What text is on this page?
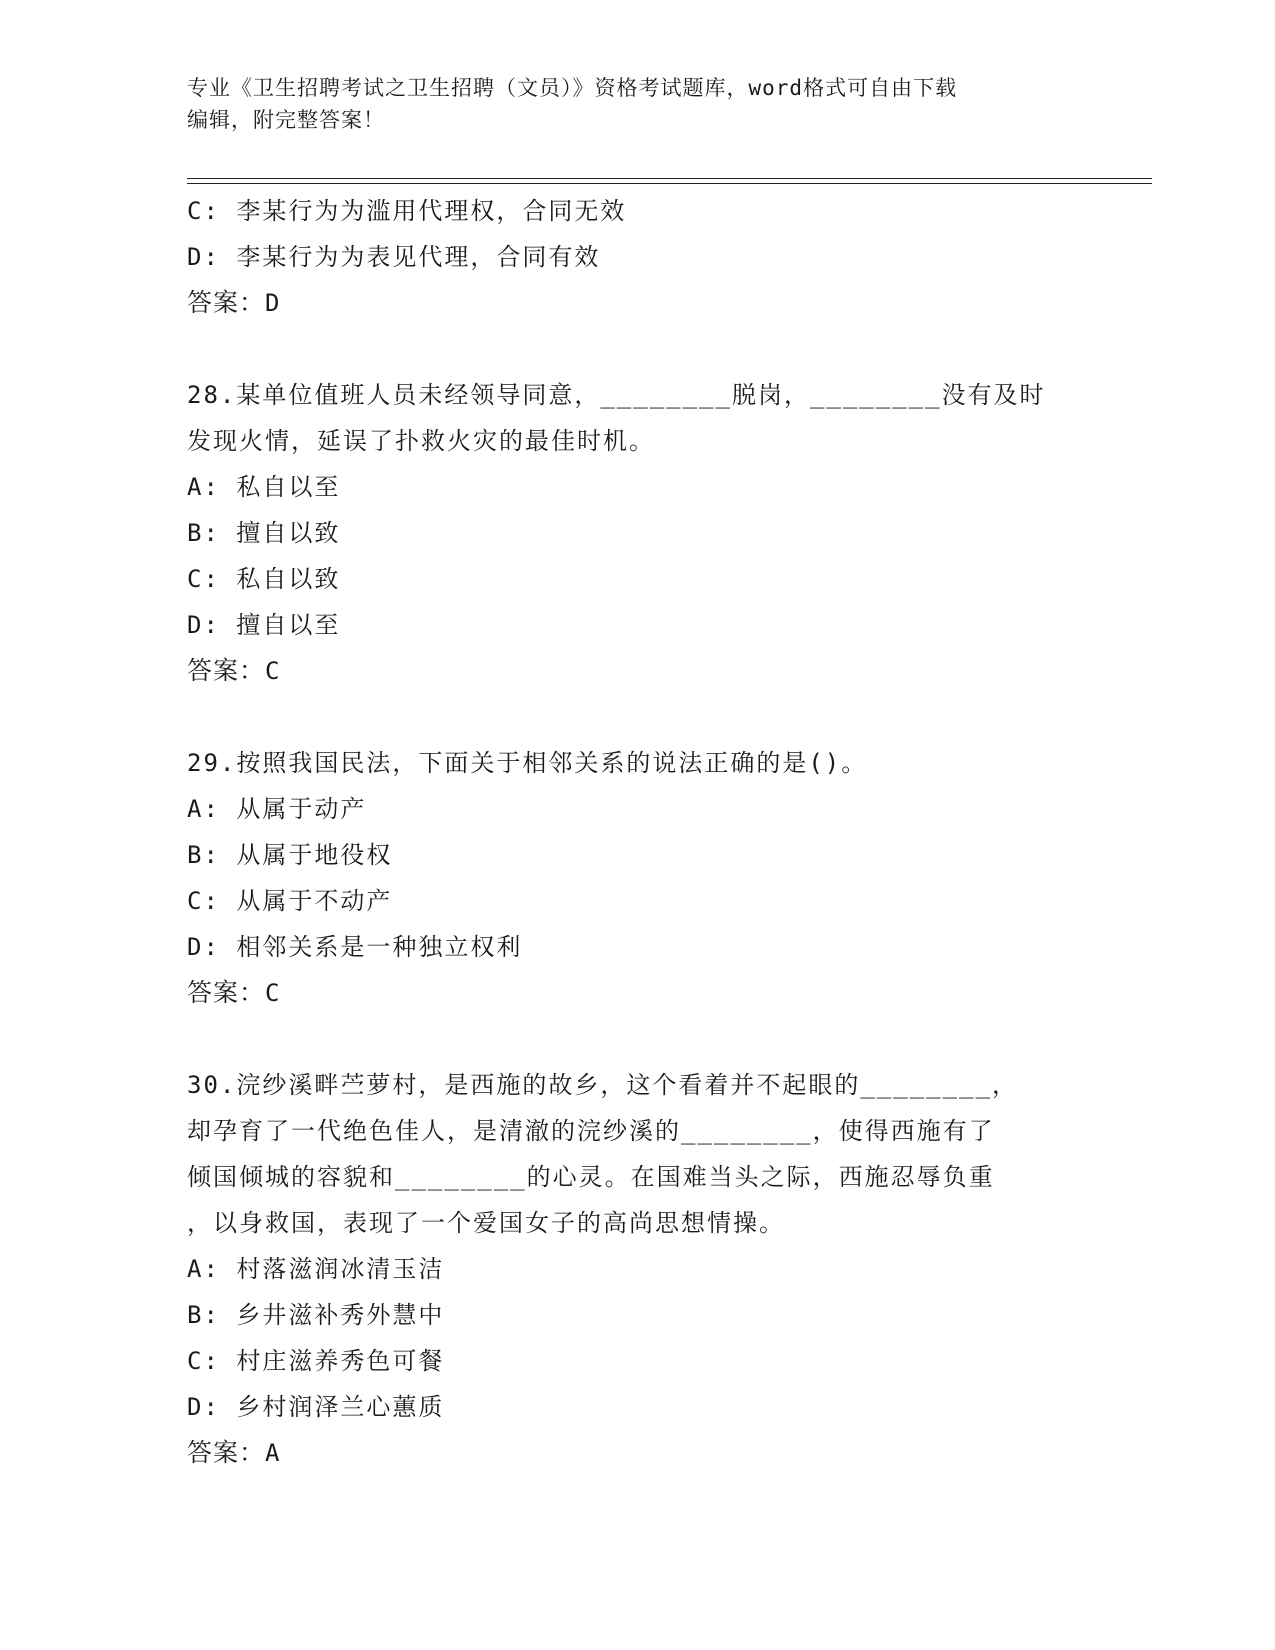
专业《卫生招聘考试之卫生招聘（文员）》资格考试题库，word格式可自由下载
编辑，附完整答案！
C: 李某行为为滥用代理权，合同无效
D: 李某行为为表见代理，合同有效
答案：D
28.某单位值班人员未经领导同意，________脱岗，________没有及时
发现火情，延误了扑救火灾的最佳时机。
A: 私自以至
B: 擅自以致
C: 私自以致
D: 擅自以至
答案：C
29.按照我国民法，下面关于相邻关系的说法正确的是()。
A: 从属于动产
B: 从属于地役权
C: 从属于不动产
D: 相邻关系是一种独立权利
答案：C
30.浣纱溪畔苎萝村，是西施的故乡，这个看着并不起眼的________，
却孕育了一代绝色佳人，是清澈的浣纱溪的________，使得西施有了
倾国倾城的容貌和________的心灵。在国难当头之际，西施忍辱负重
，以身救国，表现了一个爱国女子的高尚思想情操。
A: 村落滋润冰清玉洁
B: 乡井滋补秀外慧中
C: 村庄滋养秀色可餐
D: 乡村润泽兰心蕙质
答案：A
